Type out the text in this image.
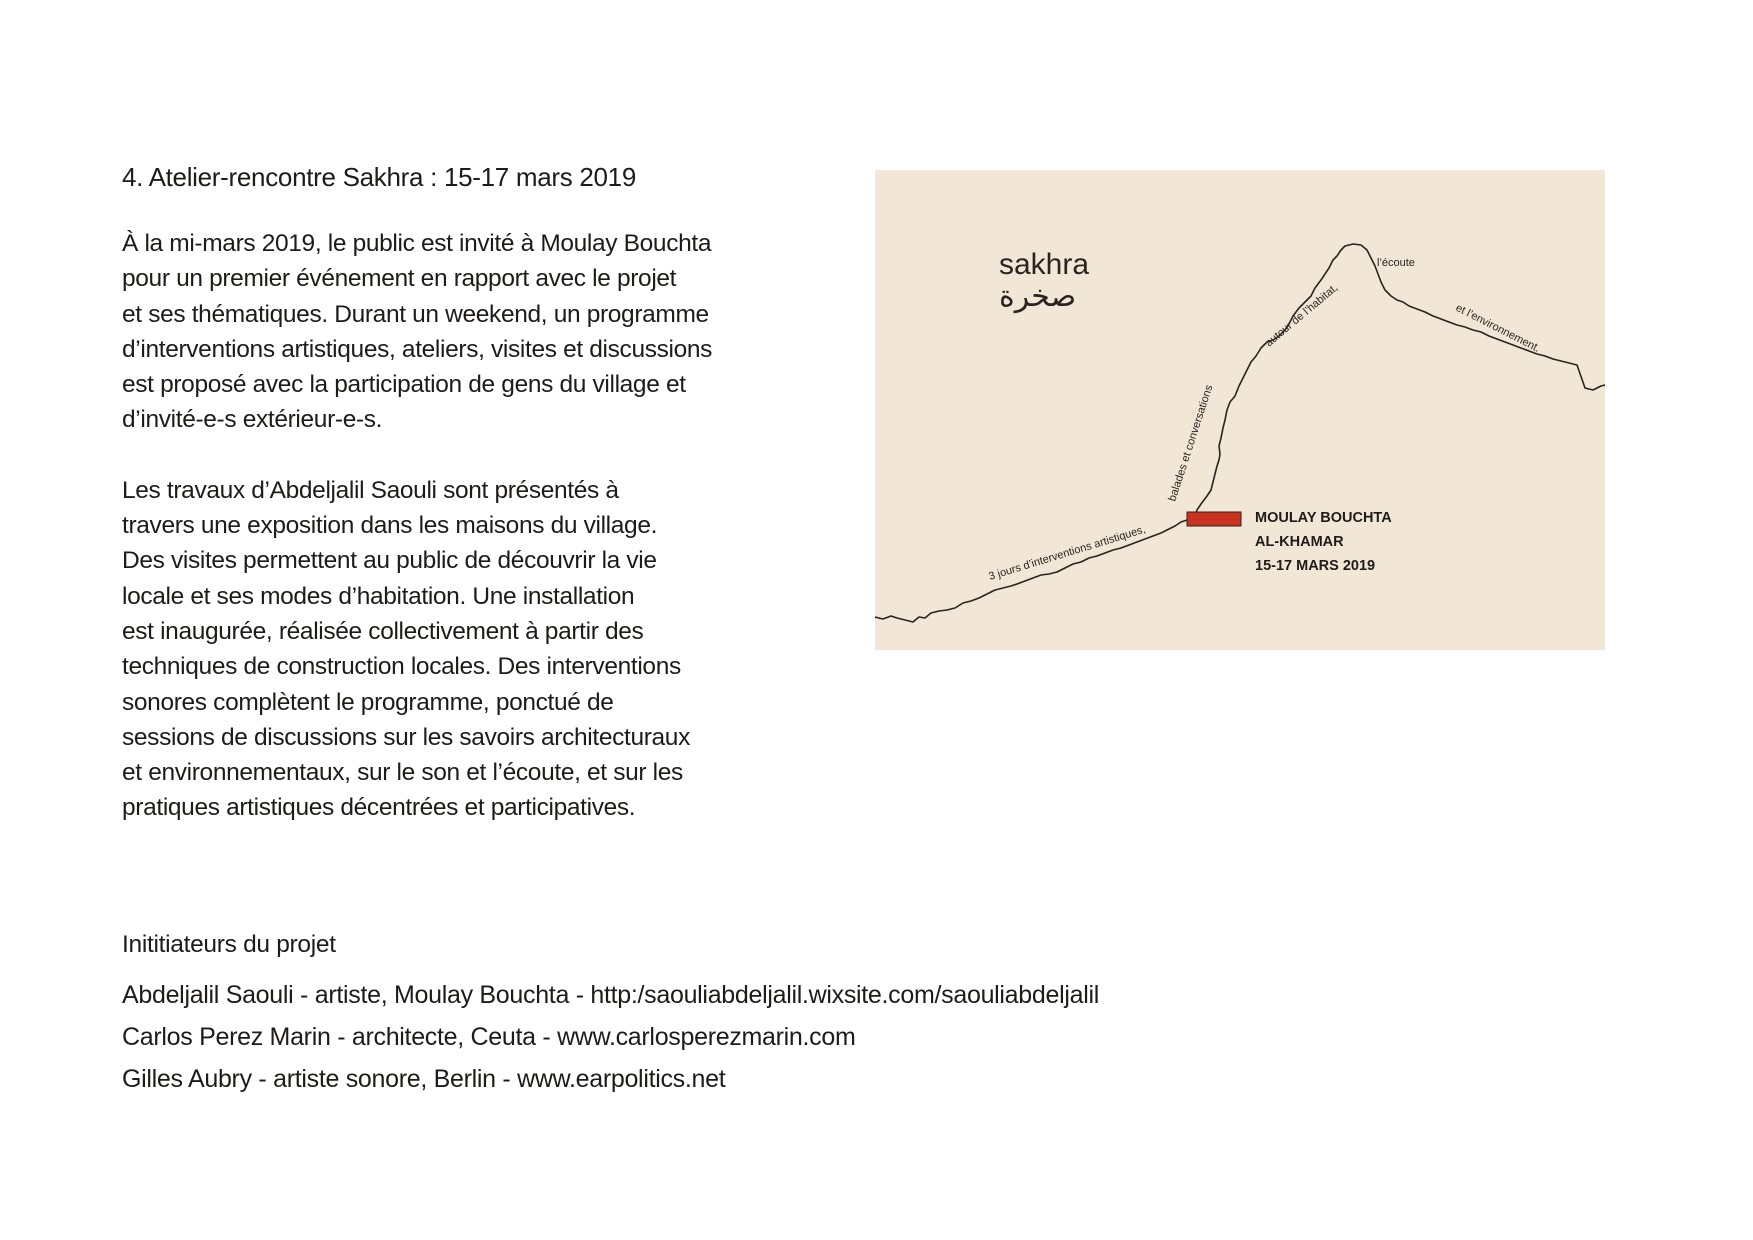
4. Atelier-rencontre Sakhra : 15-17 mars 2019

À la mi-mars 2019, le public est invité à Moulay Bouchta
pour un premier événement en rapport avec le projet
et ses thématiques. Durant un weekend, un programme
d’interventions artistiques, ateliers, visites et discussions
est proposé avec la participation de gens du village et
d’invité-e-s extérieur-e-s.

Les travaux d’Abdeljalil Saouli sont présentés à
travers une exposition dans les maisons du village.
Des visites permettent au public de découvrir la vie
locale et ses modes d’habitation. Une installation
est inaugurée, réalisée collectivement à partir des
techniques de construction locales. Des interventions
sonores complètent le programme, ponctué de
sessions de discussions sur les savoirs architecturaux
et environnementaux, sur le son et l’écoute, et sur les
pratiques artistiques décentrées et participatives.

sakhra
صخرة
3 jours d’interventions artistiques,
balades et conversations
autour de l’habitat,
l’écoute
et l’environnement.
MOULAY BOUCHTA
AL-KHAMAR
15-17 MARS 2019
Inititiateurs du projet

Abdeljalil Saouli - artiste, Moulay Bouchta - http:/saouliabdeljalil.wixsite.com/saouliabdeljalil

Carlos Perez Marin - architecte, Ceuta - www.carlosperezmarin.com

Gilles Aubry - artiste sonore, Berlin - www.earpolitics.net
